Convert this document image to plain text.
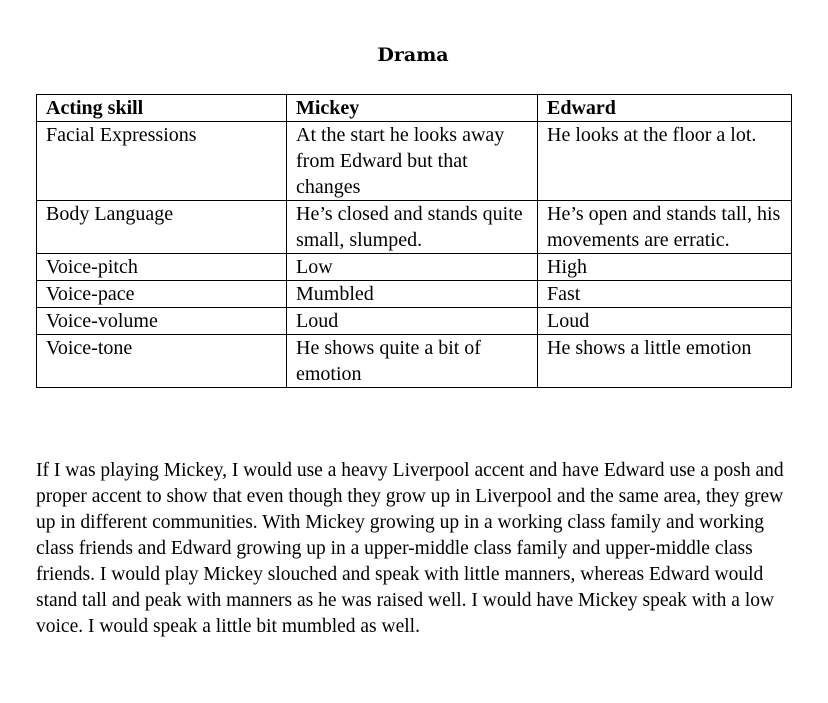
Drama
Acting skill	Mickey	Edward
Facial Expressions	At the start he looks away from Edward but that changes	He looks at the floor a lot.
Body Language	He’s closed and stands quite small, slumped.	He’s open and stands tall, his movements are erratic.
Voice-pitch	Low	High
Voice-pace	Mumbled	Fast
Voice-volume	Loud	Loud
Voice-tone	He shows quite a bit of emotion	He shows a little emotion

If I was playing Mickey, I would use a heavy Liverpool accent and have Edward use a posh and proper accent to show that even though they grow up in Liverpool and the same area, they grew up in different communities. With Mickey growing up in a working class family and working class friends and Edward growing up in a upper-middle class family and upper-middle class friends. I would play Mickey slouched and speak with little manners, whereas Edward would stand tall and peak with manners as he was raised well. I would have Mickey speak with a low voice. I would speak a little bit mumbled as well.
